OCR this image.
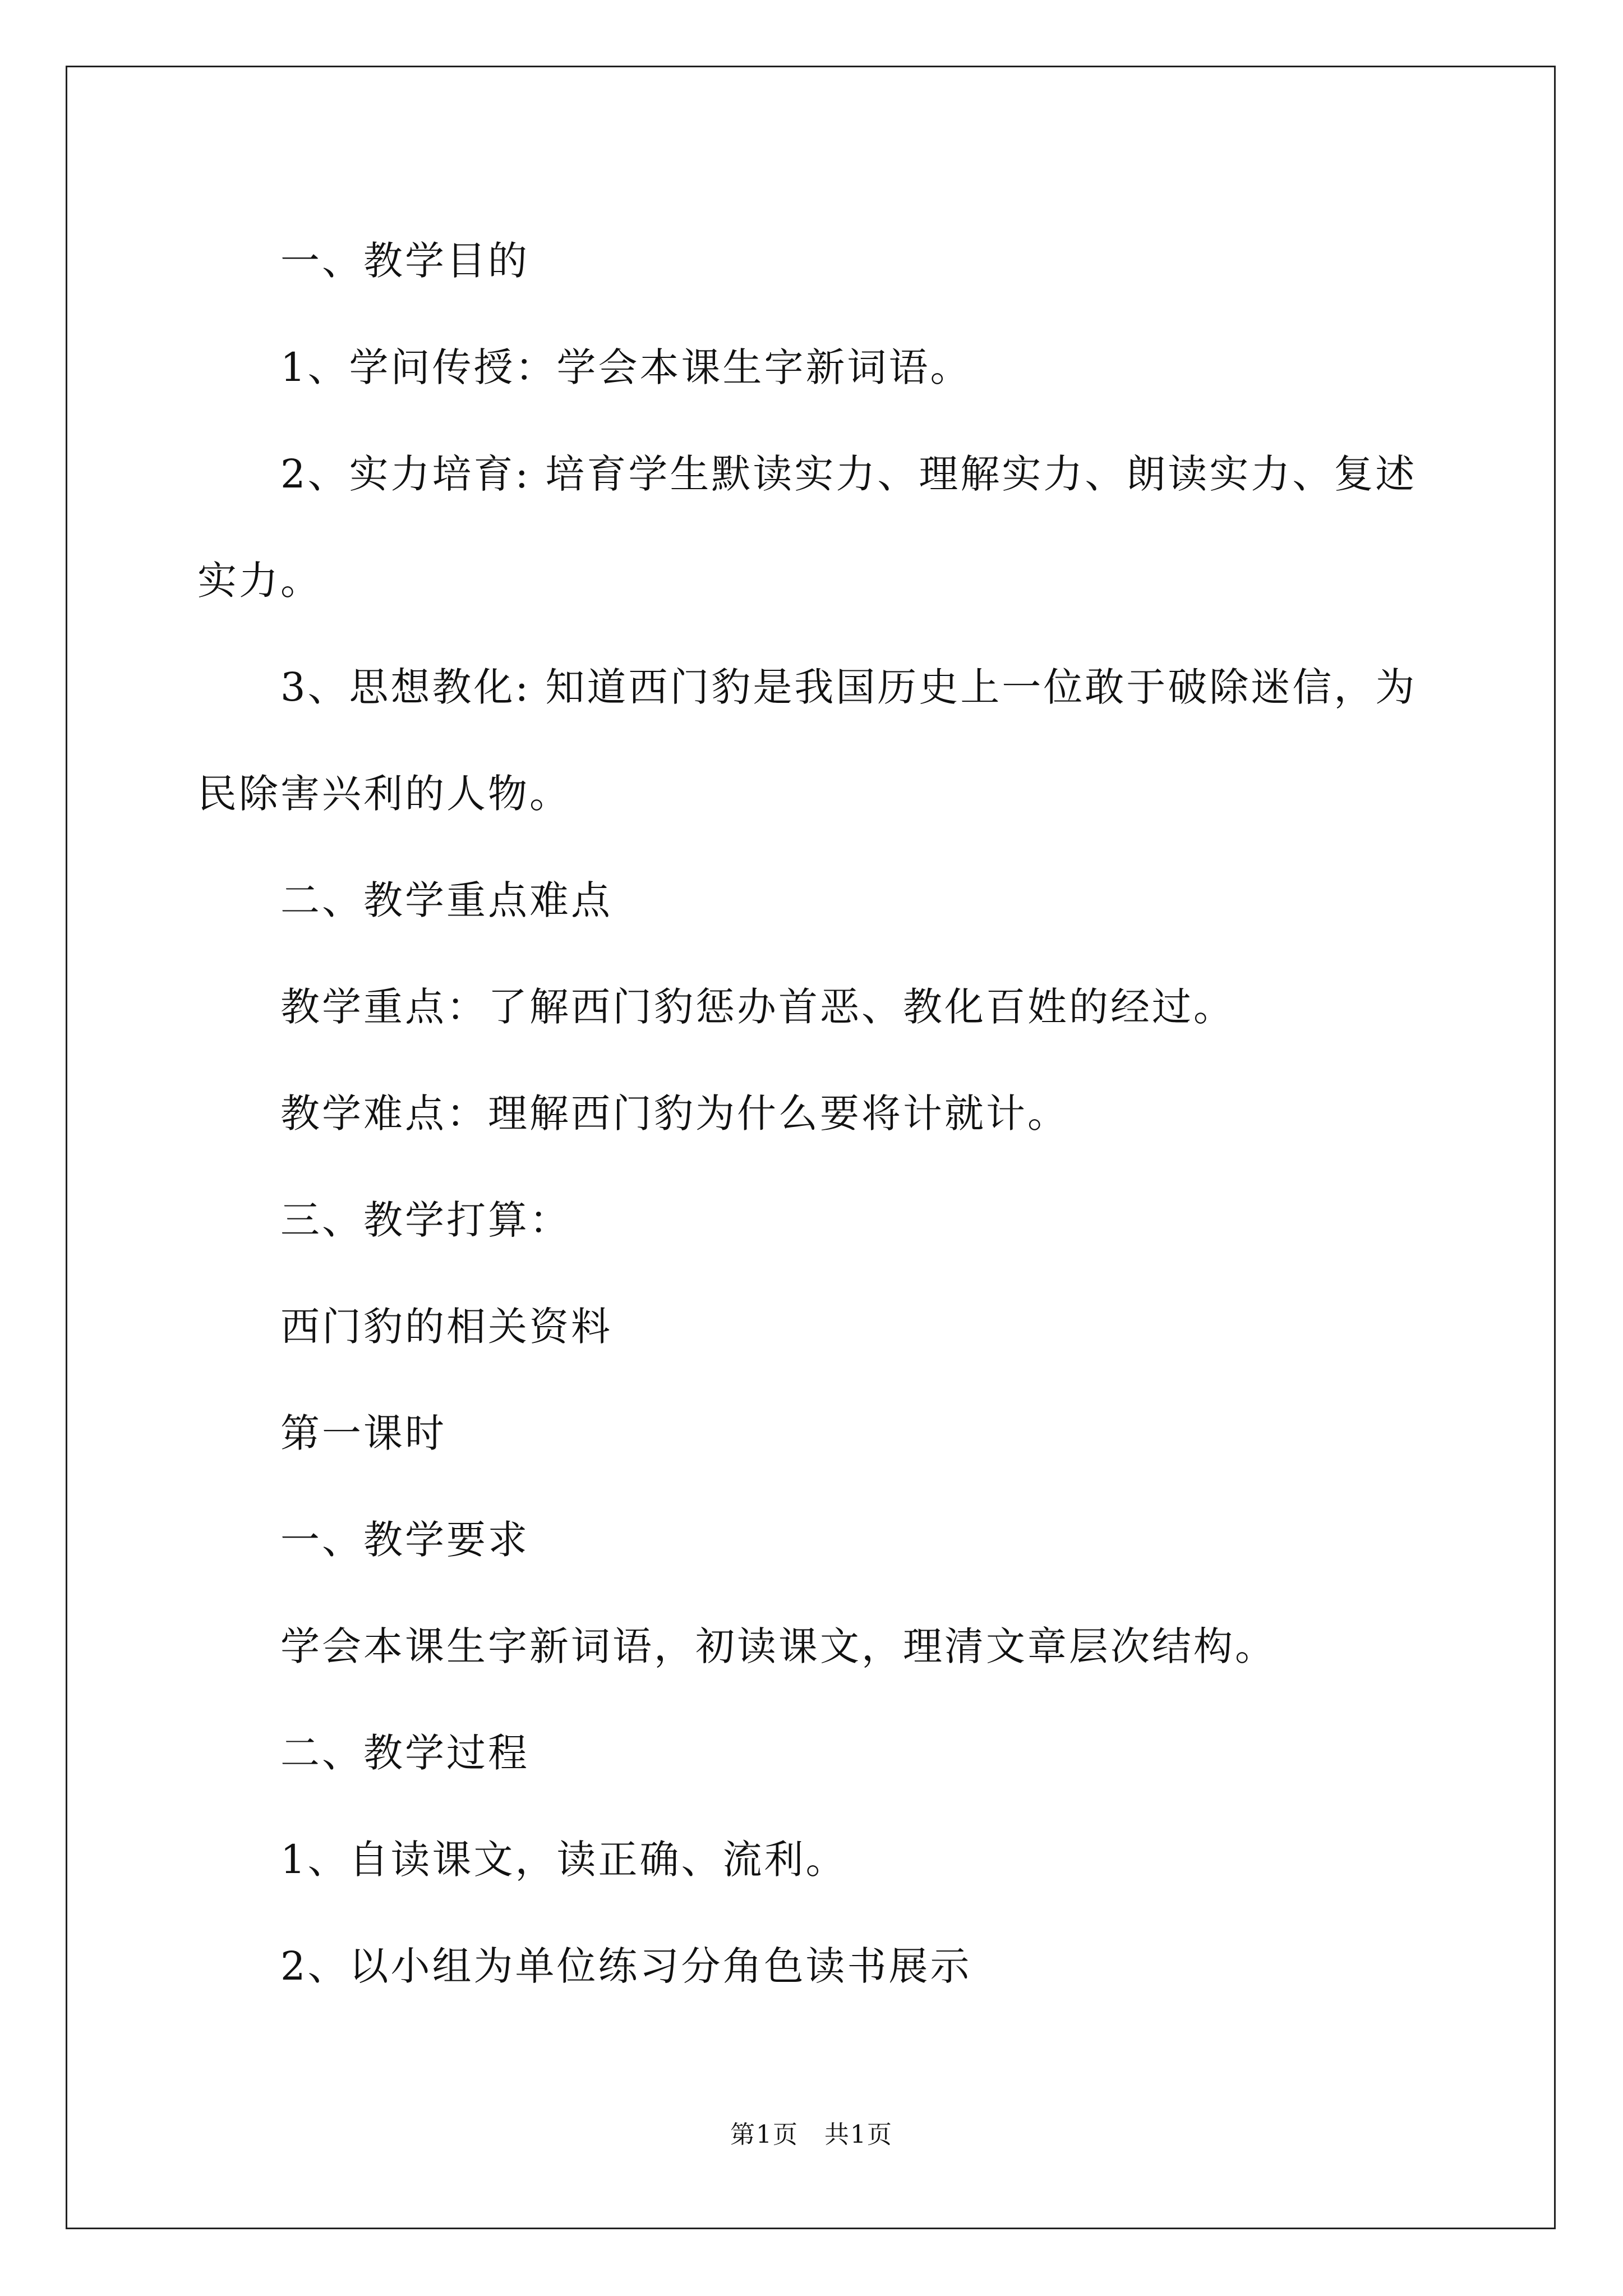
一、教学目的

1、学问传授：学会本课生字新词语。

2、实力培育: 培育学生默读实力、理解实力、朗读实力、复述实力。

3、思想教化: 知道西门豹是我国历史上一位敢于破除迷信，为民除害兴利的人物。

二、教学重点难点

教学重点：了解西门豹惩办首恶、教化百姓的经过。

教学难点：理解西门豹为什么要将计就计。

三、教学打算：

西门豹的相关资料

第一课时

一、教学要求

学会本课生字新词语，初读课文，理清文章层次结构。

二、教学过程

1、自读课文，读正确、流利。

2、以小组为单位练习分角色读书展示

第1页　共1页
